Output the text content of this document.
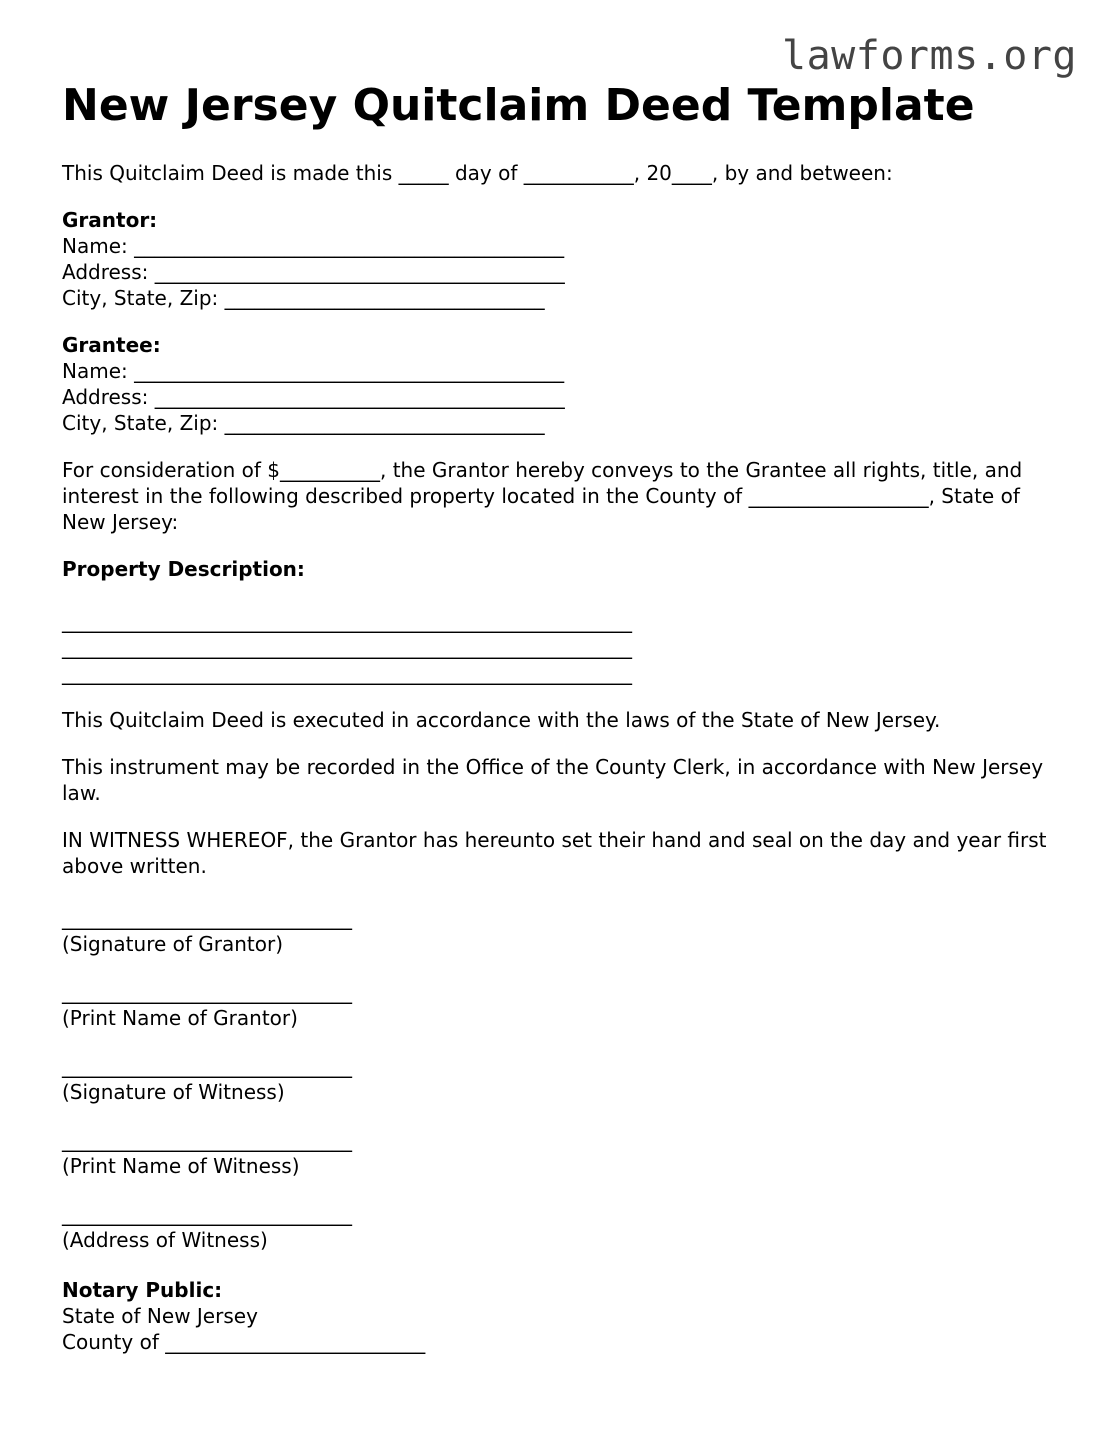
lawforms.org
New Jersey Quitclaim Deed Template

This Quitclaim Deed is made this _____ day of ___________, 20____, by and between:

Grantor:
Name: ___________________________________________
Address: _________________________________________
City, State, Zip: ________________________________
Grantee:
Name: ___________________________________________
Address: _________________________________________
City, State, Zip: ________________________________

For consideration of $__________, the Grantor hereby conveys to the Grantee all rights, title, and interest in the following described property located in the County of __________________, State of New Jersey:

Property Description:
_________________________________________________________
_________________________________________________________
_________________________________________________________

This Quitclaim Deed is executed in accordance with the laws of the State of New Jersey.

This instrument may be recorded in the Office of the County Clerk, in accordance with New Jersey law.

IN WITNESS WHEREOF, the Grantor has hereunto set their hand and seal on the day and year first above written.

_____________________________
(Signature of Grantor)
_____________________________
(Print Name of Grantor)
_____________________________
(Signature of Witness)
_____________________________
(Print Name of Witness)
_____________________________
(Address of Witness)
Notary Public:
State of New Jersey
County of __________________________
